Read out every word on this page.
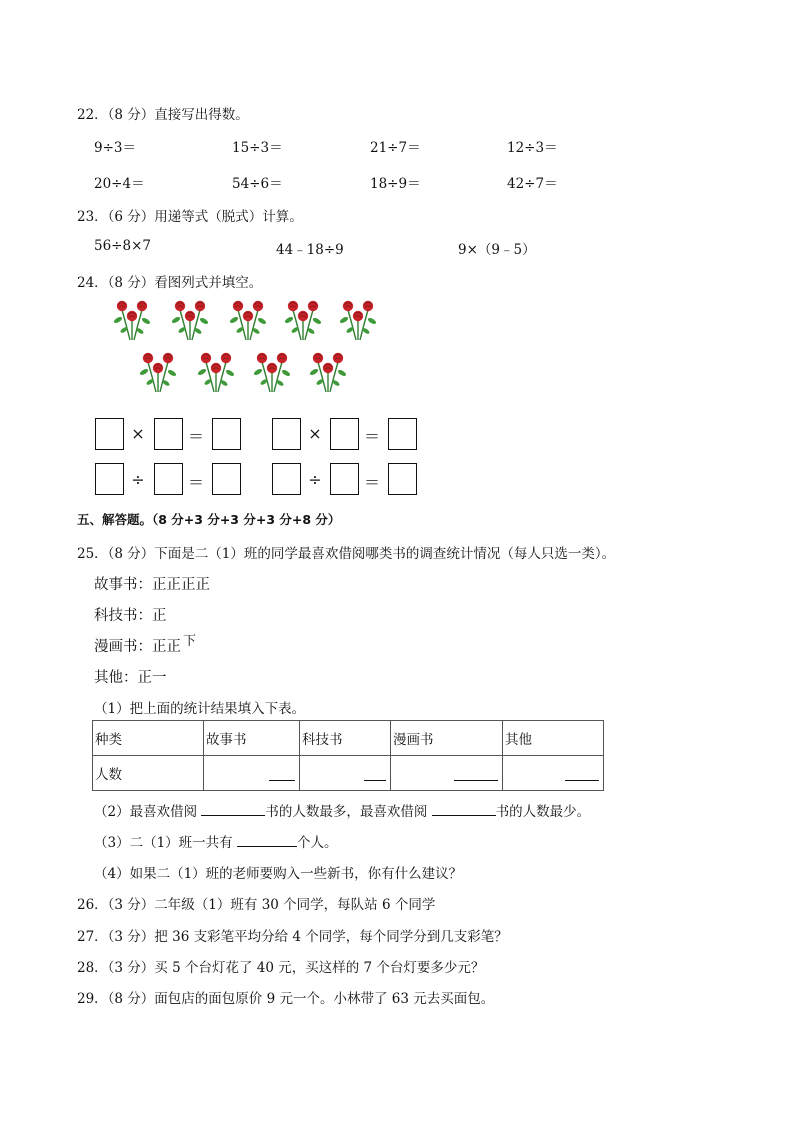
22．（8 分）直接写出得数。
9÷3＝	15÷3＝	21÷7＝	12÷3＝
20÷4＝	54÷6＝	18÷9＝	42÷7＝
23．（6 分）用递等式（脱式）计算。
56÷8×7	44﹣18÷9	9×（9﹣5）
24．（8 分）看图列式并填空。
×	＝	×	＝
÷	＝	÷	＝
五、解答题。（8 分+3 分+3 分+3 分+8 分）
25．（8 分）下面是二（1）班的同学最喜欢借阅哪类书的调查统计情况（每人只选一类）。
故事书：正正正正
科技书：正
漫画书：正正 下
其他：正一
（1）把上面的统计结果填入下表。
种类	故事书	科技书	漫画书	其他
人数	

（2）最喜欢借阅	书的人数最多，最喜欢借阅	书的人数最少。
（3）二（1）班一共有	个人。
（4）如果二（1）班的老师要购入一些新书，你有什么建议？
26．（3 分）二年级（1）班有 30 个同学，每队站 6 个同学
27．（3 分）把 36 支彩笔平均分给 4 个同学，每个同学分到几支彩笔？
28．（3 分）买 5 个台灯花了 40 元，买这样的 7 个台灯要多少元？
29．（8 分）面包店的面包原价 9 元一个。小林带了 63 元去买面包。
